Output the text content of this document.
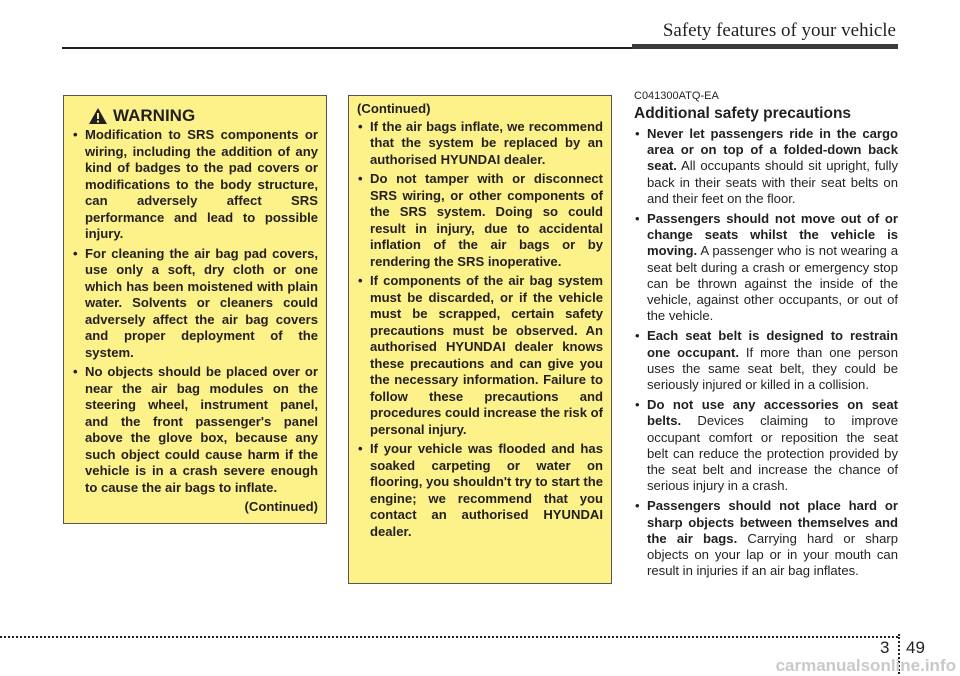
Safety features of your vehicle
WARNING
• Modification to SRS components or wiring, including the addition of any kind of badges to the pad covers or modifications to the body structure, can adversely affect SRS performance and lead to possible injury.
• For cleaning the air bag pad covers, use only a soft, dry cloth or one which has been moistened with plain water. Solvents or cleaners could adversely affect the air bag covers and proper deployment of the system.
• No objects should be placed over or near the air bag modules on the steering wheel, instrument panel, and the front passenger's panel above the glove box, because any such object could cause harm if the vehicle is in a crash severe enough to cause the air bags to inflate.
(Continued)
(Continued)
• If the air bags inflate, we recommend that the system be replaced by an authorised HYUNDAI dealer.
• Do not tamper with or disconnect SRS wiring, or other components of the SRS system. Doing so could result in injury, due to accidental inflation of the air bags or by rendering the SRS inoperative.
• If components of the air bag system must be discarded, or if the vehicle must be scrapped, certain safety precautions must be observed. An authorised HYUNDAI dealer knows these precautions and can give you the necessary information. Failure to follow these precautions and procedures could increase the risk of personal injury.
• If your vehicle was flooded and has soaked carpeting or water on flooring, you shouldn't try to start the engine; we recommend that you contact an authorised HYUNDAI dealer.
C041300ATQ-EA
Additional safety precautions
• Never let passengers ride in the cargo area or on top of a folded-down back seat. All occupants should sit upright, fully back in their seats with their seat belts on and their feet on the floor.
• Passengers should not move out of or change seats whilst the vehicle is moving. A passenger who is not wearing a seat belt during a crash or emergency stop can be thrown against the inside of the vehicle, against other occupants, or out of the vehicle.
• Each seat belt is designed to restrain one occupant. If more than one person uses the same seat belt, they could be seriously injured or killed in a collision.
• Do not use any accessories on seat belts. Devices claiming to improve occupant comfort or reposition the seat belt can reduce the protection provided by the seat belt and increase the chance of serious injury in a crash.
• Passengers should not place hard or sharp objects between themselves and the air bags. Carrying hard or sharp objects on your lap or in your mouth can result in injuries if an air bag inflates.
3 49
carmanualsonline.info
